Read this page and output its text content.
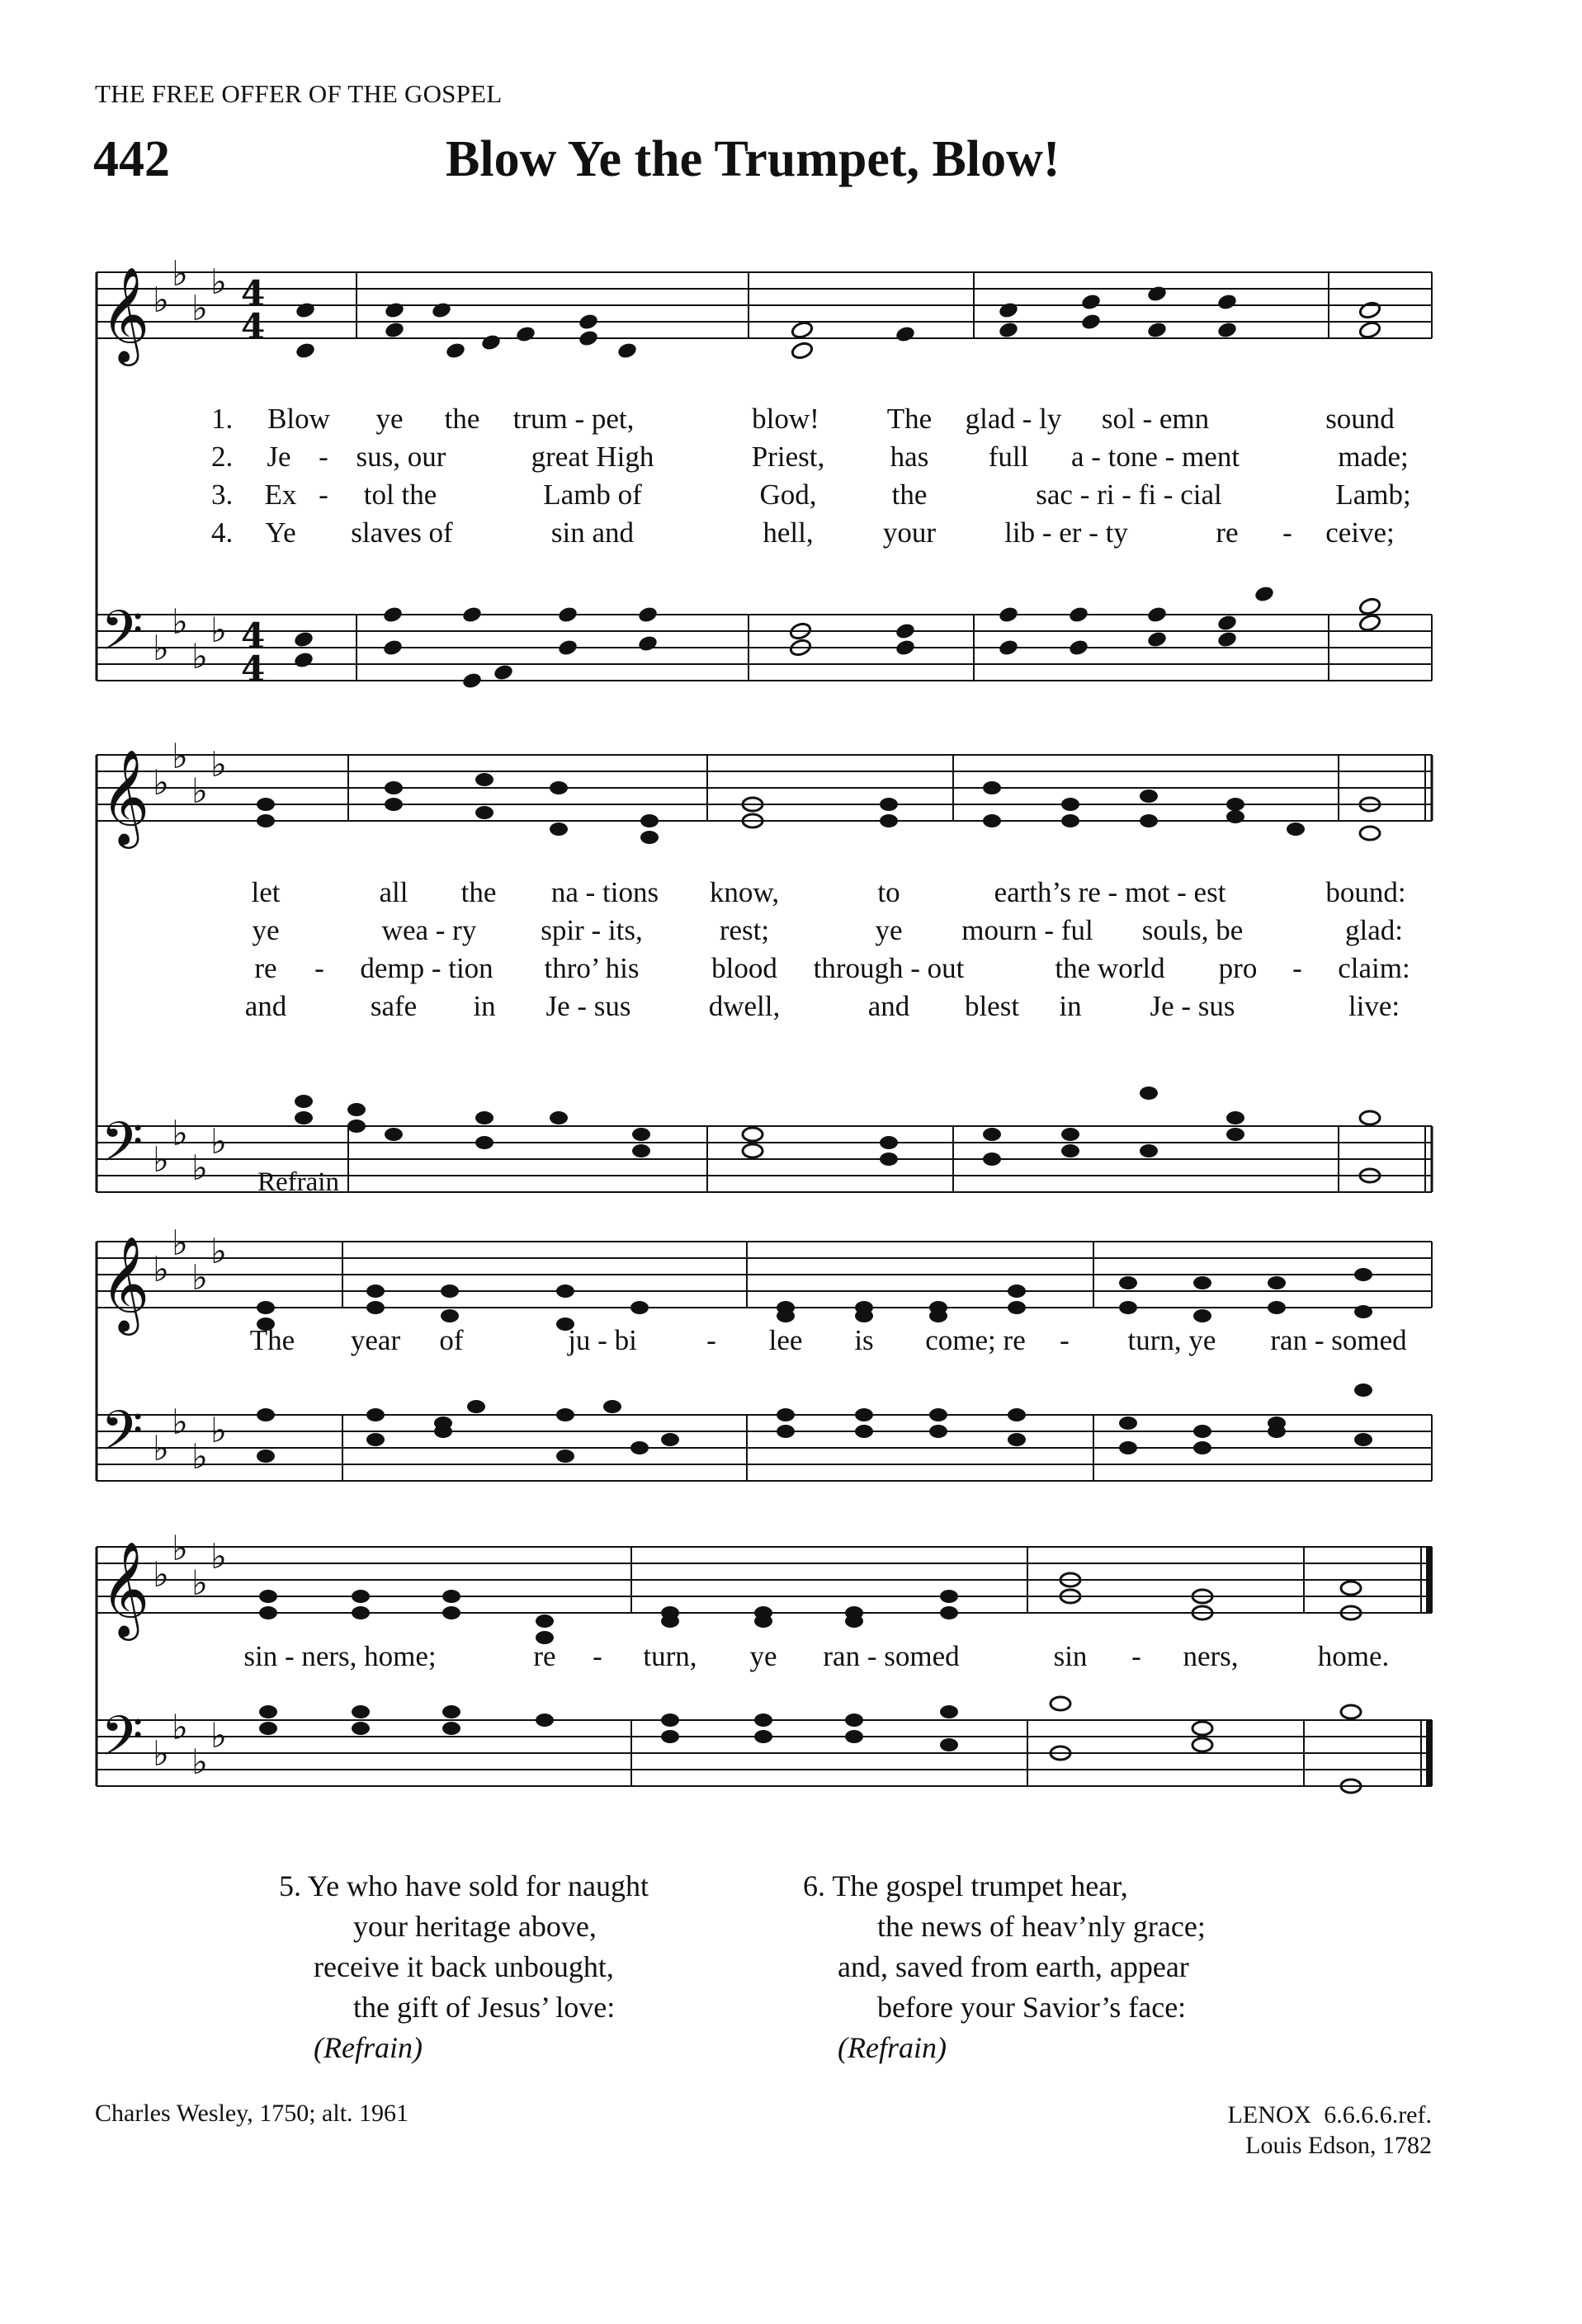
THE FREE OFFER OF THE GOSPEL
442	Blow Ye the Trumpet, Blow!
𝄞
𝄢
♭
♭
♭
♭
♭
♭
♭
♭
4
4
4
4
1. Blow ye the trum - pet,	blow! The glad - ly sol - emn	sound
2. Je - sus, our	great High	Priest, has full a - tone - ment	made;
3. Ex - tol the	Lamb of	God,	the	sac - ri - fi - cial	Lamb;
4. Ye slaves of	sin and	hell, your lib - er - ty	re - ceive;
𝄞
𝄢
♭
♭
♭
♭
♭
♭
♭
♭
let	all the na - tions know,	to	earth’s re - mot - est	bound:
ye	wea - ry spir - its,	rest;	ye mourn - ful souls, be	glad:
re - demp - tion thro’ his	blood through - out	the world pro - claim:
and	safe in Je - sus	dwell,	and blest in Je - sus	live:
Refrain
𝄞
𝄢
♭
♭
♭
♭
♭
♭
♭
♭
The year of	ju - bi - lee is come; re - turn, ye ran - somed
𝄞
𝄢
♭
♭
♭
♭
♭
♭
♭
♭
sin - ners, home;	re - turn, ye ran - somed	sin - ners,	home.
5. Ye who have sold for naught
your heritage above,
receive it back unbought,
the gift of Jesus’ love:
(Refrain)
6. The gospel trumpet hear,
the news of heav’nly grace;
and, saved from earth, appear
before your Savior’s face:
(Refrain)
Charles Wesley, 1750; alt. 1961	LENOX  6.6.6.6.ref.
Louis Edson, 1782
